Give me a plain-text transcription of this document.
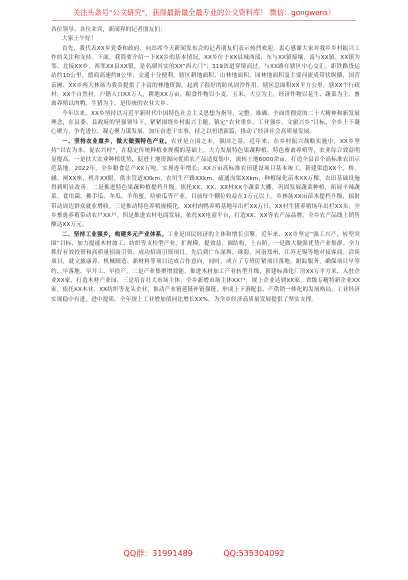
关注头条号“公文研究”，获得最新最全最专业的公文资料库！ 微信：gongwens）

各位领导、各位来宾，新闻界的记者朋友们：

大家上午好！

首先，我代表XX乡党委和政府，向出席今天新闻发布会的记者朋友们表示热烈欢迎，衷心感谢大家对我乡乡村振兴工作的关注和支持。下面，我简要介绍一下XX乡的基本情况。XX乡位于XX县城西部，东与XX镇接壤，南与XX镇、XX镇为邻。北接XX乡，西邻XX县XX镇，是名副其实的XX“西大门”；319省道穿境而过，与XX路在辖区中心交汇，距铁路货运站约10公里，德商高速约8公里，交通十分便利。辖区耕地面积、山林地面积、园林地面积及主要河流成带状纵横，国营苗圃、XX乡两大林场为我乡提供了丰富的林地资源，起到了很好的防风固沙作用。辖区总面积XX平方公里，辖XX个行政村，XX个自然村，户籍人口XX万人，耕地XX万亩，粮食作物以小麦、玉米、大豆为主，经济作物以花生、蔬菜为主，畜禽养殖以肉鸭、生猪为主，是传统的农业大乡。

今年以来，XX乡坚持以习近平新时代中国特色社会主义思想为指导，完整、准确、全面贯彻党的二十大精神和新发展理念，在县委、县政府的坚强领导下，紧紧围绕乡村振兴主题，镇定“农业重乡、工业强乡、文旅兴乡”目标，全乡上下凝心聚力、争先进位，凝心聚力谋发展，加压奋进干实事，持之以恒谱新篇，推动了经济社会高质量发展。

一、坚持农业重乡，做大做强特色产业。农业是立国之本，强国之基。近年来，在乡村振兴战略实施中，XX乡坚持“以农为本、促农兴村”，在稳定传统种植业规模的基础上，大力发展特色果蔬种植、特色畜禽养殖等，农业综合效益明显提高。一是扶大农业种植优势，促进土地资源向优质农产品适度集中，流转土地6000余亩，打造全县首个高标准农田示范基地。2022年，全乡粮食总产XX万吨，实现连年增长；XX万亩高标准农田建设项目基本竣工，新建渠道XX个，桥、涵、闸XX座，机井XX眼，供水管道XXkm，农用生产路XXkm，疏通沟渠XXkm，种植绿化苗木XX万棵，农田基础设施得到明显改善。二是推进特色果蔬种植提档升级。依托XX、XX、XX村XX个蔬菜大棚，巩固发展蔬菜种植，拓展辛辣蔬菜、食用菌、佛手瓜、冬瓜、羊角蜜、哈密瓜等产业，目前每个棚位收益在1万元以上。乡林场XX亩苗木提档升级，辐射带动周边群众就业增收。三是推动特色养殖规模化。XX村肉鸭养殖基地年出栏XX万只，XX村生猪养殖场年出栏XX头，全乡畜禽养殖带动农户XX户。四是推进农村电商发展，依托XX电商平台，打造XX、XX等农产品品牌，全乡农产品线上销售额达XX万元。

二、坚持工业强乡，构建多元产业体系。工业是国民经济的主体和增长引擎。近年来，XX乡坚定“强工兴产，转型突围”目标，加力提速木材加工、纺织等支柱型产业，扩规模、提效益、调结构，上台阶。一是做大做强优势产业集群。全力抓好有效投资和高质量招商引资，成功招商引资项目，先后到广东深圳、珠海，河南郑州，江苏无锡等地对接客商、洽谈项目，就文旅康养、机械制造、新材料等项目达成合作意向，同时，成立了专班盯紧项目落地，跟踪服务，确保项目早签约、早落地、早开工、早投产。二是产业集聚增效能，推进木材加工产业转型升级，新建标准化厂房XX万平方米，入驻企业XX家，打造木材产业园。三是培育壮大市场主体，全乡新增市场主体XX户，规上企业达到XX家，省级专精特新企业XX家。依托XX木业、XX纺织等龙头企业，推动产业链延链补链强链，形成上下游配套、产供销一体化的发展格局，工业经济实现稳中有进、进中提质，全年规上工业增加值同比增长XX%，为全乡经济高质量发展提供了坚实支撑。

QQ群：31991489	QQ:535304092
